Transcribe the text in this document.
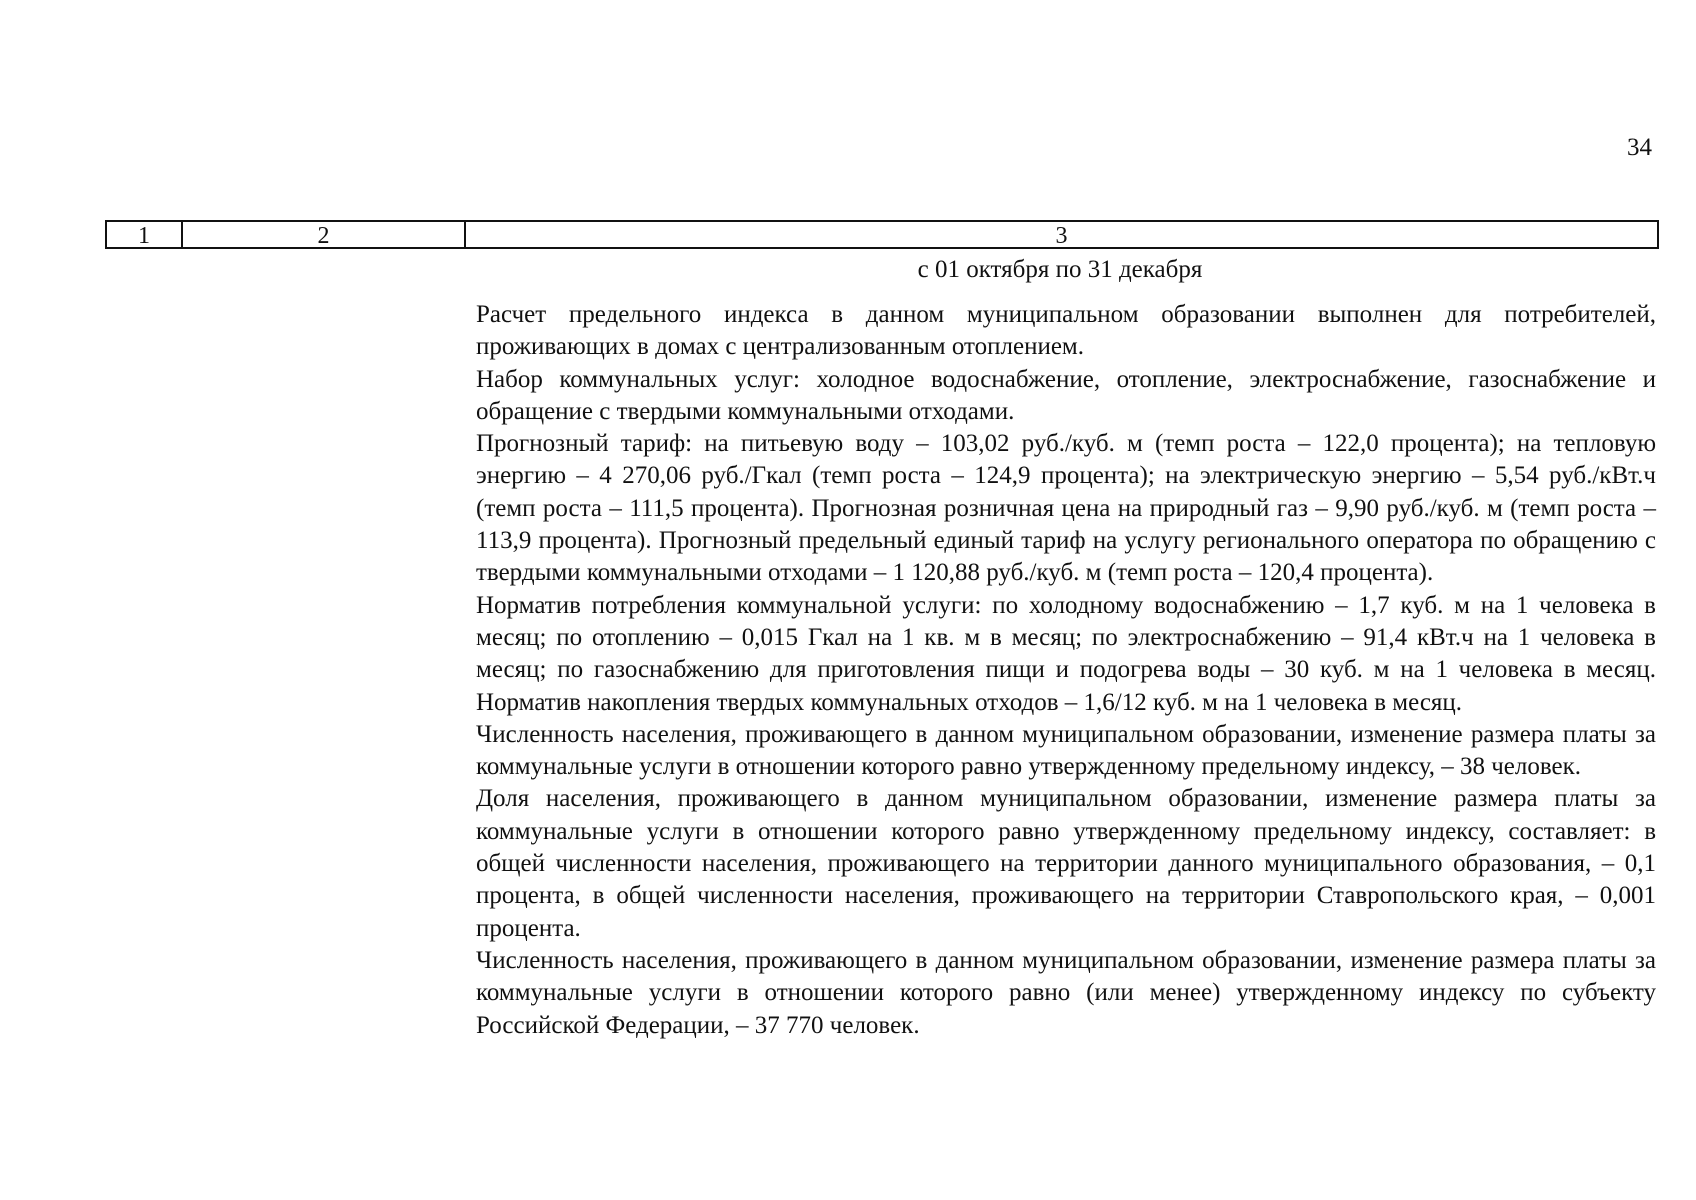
34
1	2	3
с 01 октября по 31 декабря

Расчет предельного индекса в данном муниципальном образовании выполнен для потребителей, проживающих в домах с централизованным отоплением.

Набор коммунальных услуг: холодное водоснабжение, отопление, электроснабжение, газоснабжение и обращение с твердыми коммунальными отходами.

Прогнозный тариф: на питьевую воду – 103,02 руб./куб. м (темп роста – 122,0 процента); на тепловую энергию – 4 270,06 руб./Гкал (темп роста – 124,9 процента); на электрическую энергию – 5,54 руб./кВт.ч (темп роста – 111,5 процента). Прогнозная розничная цена на природный газ – 9,90 руб./куб. м (темп роста – 113,9 процента). Прогнозный предельный единый тариф на услугу регионального оператора по обращению с твердыми коммунальными отходами – 1 120,88 руб./куб. м (темп роста – 120,4 процента).

Норматив потребления коммунальной услуги: по холодному водоснабжению – 1,7 куб. м на 1 человека в месяц; по отоплению – 0,015 Гкал на 1 кв. м в месяц; по электроснабжению – 91,4 кВт.ч на 1 человека в месяц; по газоснабжению для приготовления пищи и подогрева воды – 30 куб. м на 1 человека в месяц. Норматив накопления твердых коммунальных отходов – 1,6/12 куб. м на 1 человека в месяц.

Численность населения, проживающего в данном муниципальном образовании, изменение размера платы за коммунальные услуги в отношении которого равно утвержденному предельному индексу, – 38 человек.

Доля населения, проживающего в данном муниципальном образовании, изменение размера платы за коммунальные услуги в отношении которого равно утвержденному предельному индексу, составляет: в общей численности населения, проживающего на территории данного муниципального образования, – 0,1 процента, в общей численности населения, проживающего на территории Ставропольского края, – 0,001 процента.

Численность населения, проживающего в данном муниципальном образовании, изменение размера платы за коммунальные услуги в отношении которого равно (или менее) утвержденному индексу по субъекту Российской Федерации, – 37 770 человек.
